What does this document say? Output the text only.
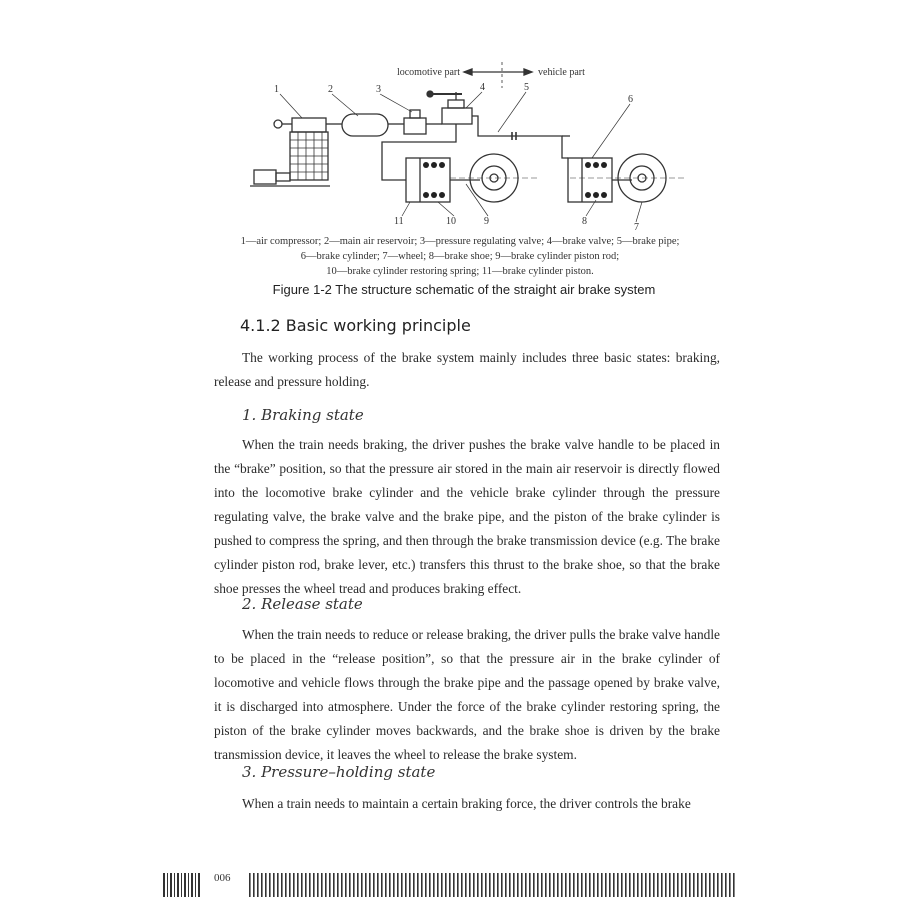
locomotive part	vehicle part
1	2	3	4	5
6
7
8
9
10
11
1—air compressor; 2—main air reservoir; 3—pressure regulating valve; 4—brake valve; 5—brake pipe;
6—brake cylinder; 7—wheel; 8—brake shoe; 9—brake cylinder piston rod;
10—brake cylinder restoring spring; 11—brake cylinder piston.
Figure 1-2 The structure schematic of the straight air brake system
4.1.2 Basic working principle
The working process of the brake system mainly includes three basic states: braking, release and pressure holding.
1. Braking state
When the train needs braking, the driver pushes the brake valve handle to be placed in the “brake” position, so that the pressure air stored in the main air reservoir is directly flowed into the locomotive brake cylinder and the vehicle brake cylinder through the pressure regulating valve, the brake valve and the brake pipe, and the piston of the brake cylinder is pushed to compress the spring, and then through the brake transmission device (e.g. The brake cylinder piston rod, brake lever, etc.) transfers this thrust to the brake shoe, so that the brake shoe presses the wheel tread and produces braking effect.
2. Release state
When the train needs to reduce or release braking, the driver pulls the brake valve handle to be placed in the “release position”, so that the pressure air in the brake cylinder of locomotive and vehicle flows through the brake pipe and the passage opened by brake valve, it is discharged into atmosphere. Under the force of the brake cylinder restoring spring, the piston of the brake cylinder moves backwards, and the brake shoe is driven by the brake transmission device, it leaves the wheel to release the brake system.
3. Pressure–holding state
When a train needs to maintain a certain braking force, the driver controls the brake
006
